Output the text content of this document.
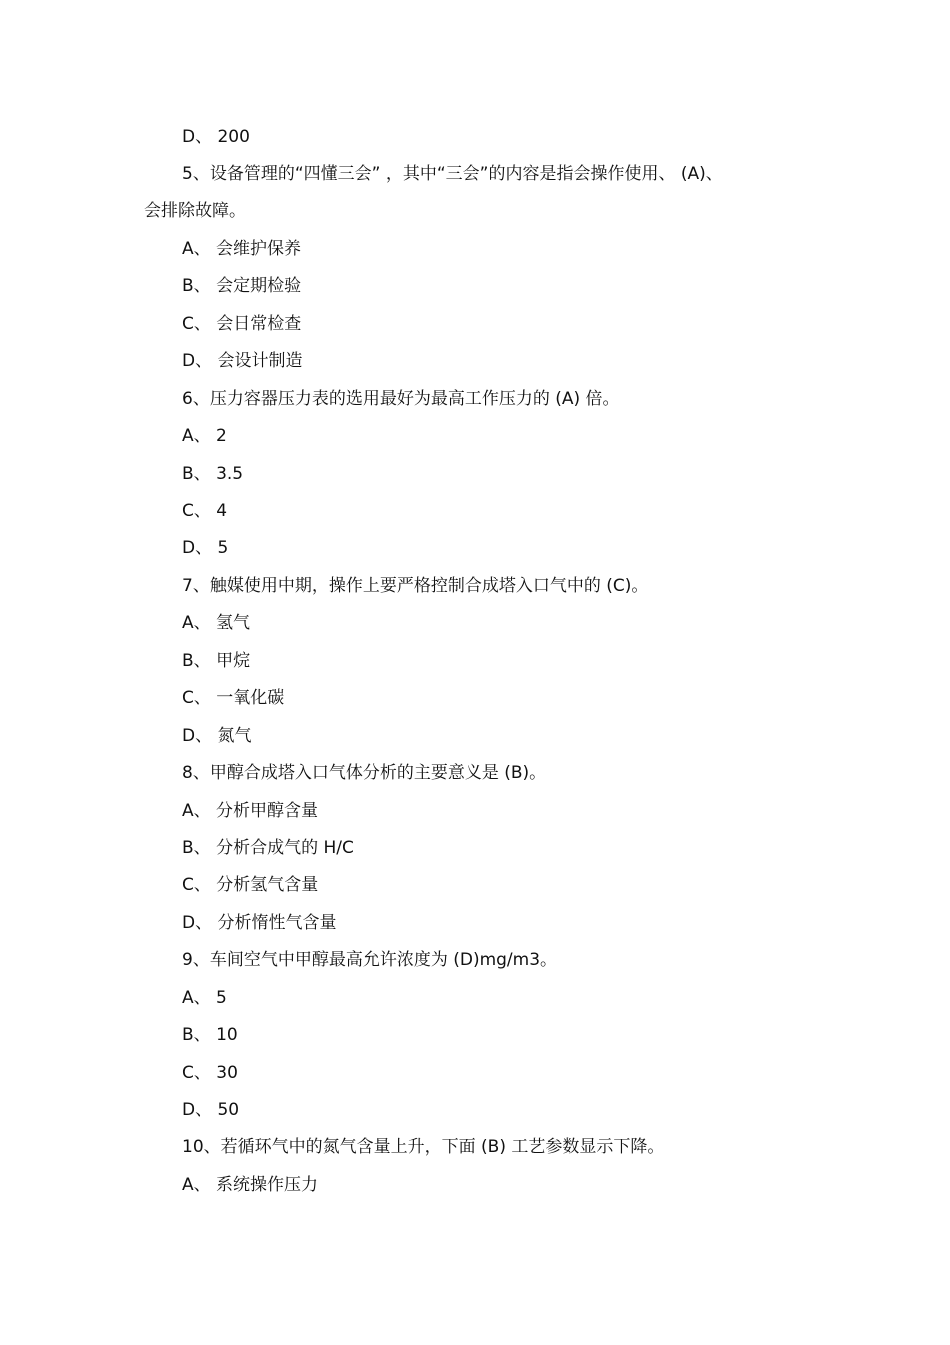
D、 200
5、设备管理的“四懂三会” ，其中“三会”的内容是指会操作使用、 (A)、
会排除故障。
A、 会维护保养
B、 会定期检验
C、 会日常检查
D、 会设计制造
6、压力容器压力表的选用最好为最高工作压力的 (A) 倍。
A、 2
B、 3.5
C、 4
D、 5
7、触媒使用中期，操作上要严格控制合成塔入口气中的 (C)。
A、 氢气
B、 甲烷
C、 一氧化碳
D、 氮气
8、甲醇合成塔入口气体分析的主要意义是 (B)。
A、 分析甲醇含量
B、 分析合成气的 H/C
C、 分析氢气含量
D、 分析惰性气含量
9、车间空气中甲醇最高允许浓度为 (D)mg/m3。
A、 5
B、 10
C、 30
D、 50
10、若循环气中的氮气含量上升，下面 (B) 工艺参数显示下降。
A、 系统操作压力
